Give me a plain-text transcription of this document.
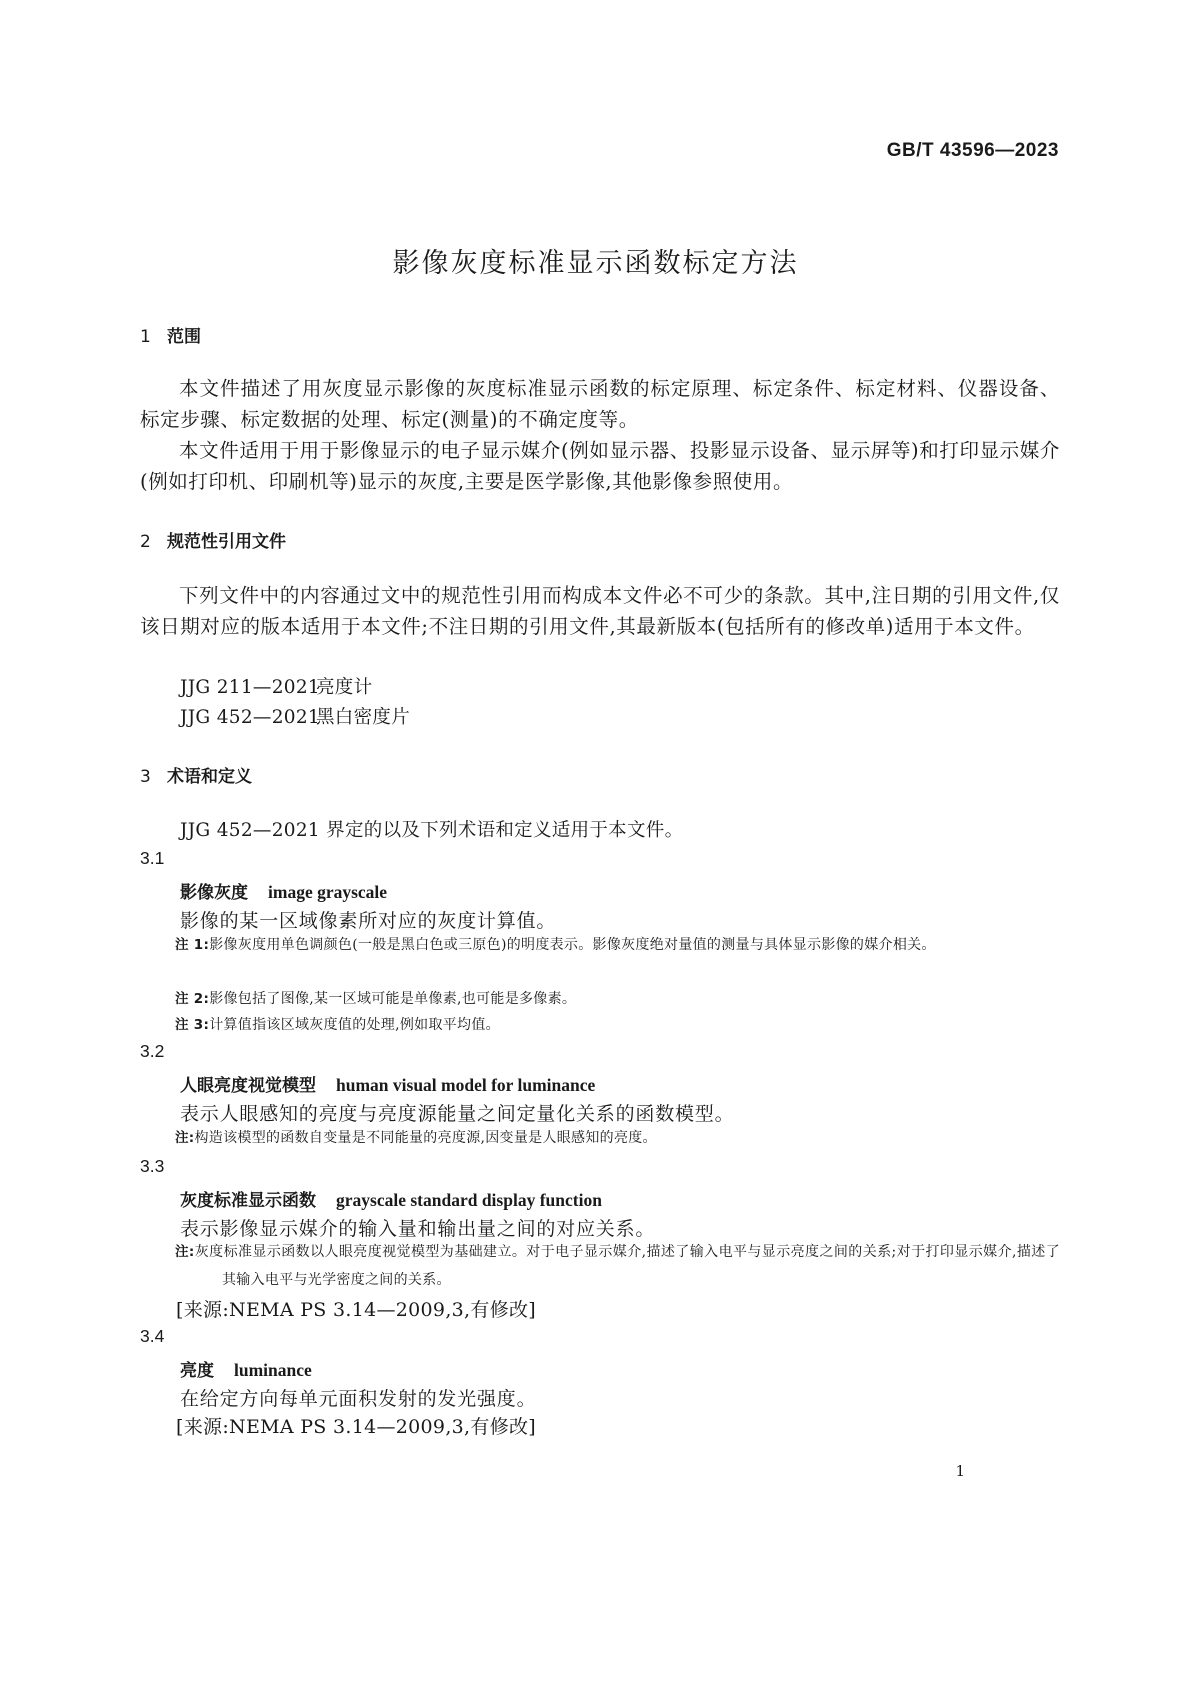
GB/T 43596—2023
影像灰度标准显示函数标定方法
1 范围
本文件描述了用灰度显示影像的灰度标准显示函数的标定原理、标定条件、标定材料、仪器设备、标定步骤、标定数据的处理、标定(测量)的不确定度等。
本文件适用于用于影像显示的电子显示媒介(例如显示器、投影显示设备、显示屏等)和打印显示媒介(例如打印机、印刷机等)显示的灰度,主要是医学影像,其他影像参照使用。
2 规范性引用文件
下列文件中的内容通过文中的规范性引用而构成本文件必不可少的条款。其中,注日期的引用文件,仅该日期对应的版本适用于本文件;不注日期的引用文件,其最新版本(包括所有的修改单)适用于本文件。
JJG 211—2021亮度计
JJG 452—2021黑白密度片
3 术语和定义
JJG 452—2021 界定的以及下列术语和定义适用于本文件。
3.1
影像灰度 image grayscale
影像的某一区域像素所对应的灰度计算值。
注 1:影像灰度用单色调颜色(一般是黑白色或三原色)的明度表示。影像灰度绝对量值的测量与具体显示影像的媒介相关。
注 2:影像包括了图像,某一区域可能是单像素,也可能是多像素。
注 3:计算值指该区域灰度值的处理,例如取平均值。
3.2
人眼亮度视觉模型 human visual model for luminance
表示人眼感知的亮度与亮度源能量之间定量化关系的函数模型。
注:构造该模型的函数自变量是不同能量的亮度源,因变量是人眼感知的亮度。
3.3
灰度标准显示函数 grayscale standard display function
表示影像显示媒介的输入量和输出量之间的对应关系。
注:灰度标准显示函数以人眼亮度视觉模型为基础建立。对于电子显示媒介,描述了输入电平与显示亮度之间的关系;对于打印显示媒介,描述了其输入电平与光学密度之间的关系。
[来源:NEMA PS 3.14—2009,3,有修改]
3.4
亮度 luminance
在给定方向每单元面积发射的发光强度。
[来源:NEMA PS 3.14—2009,3,有修改]
1
